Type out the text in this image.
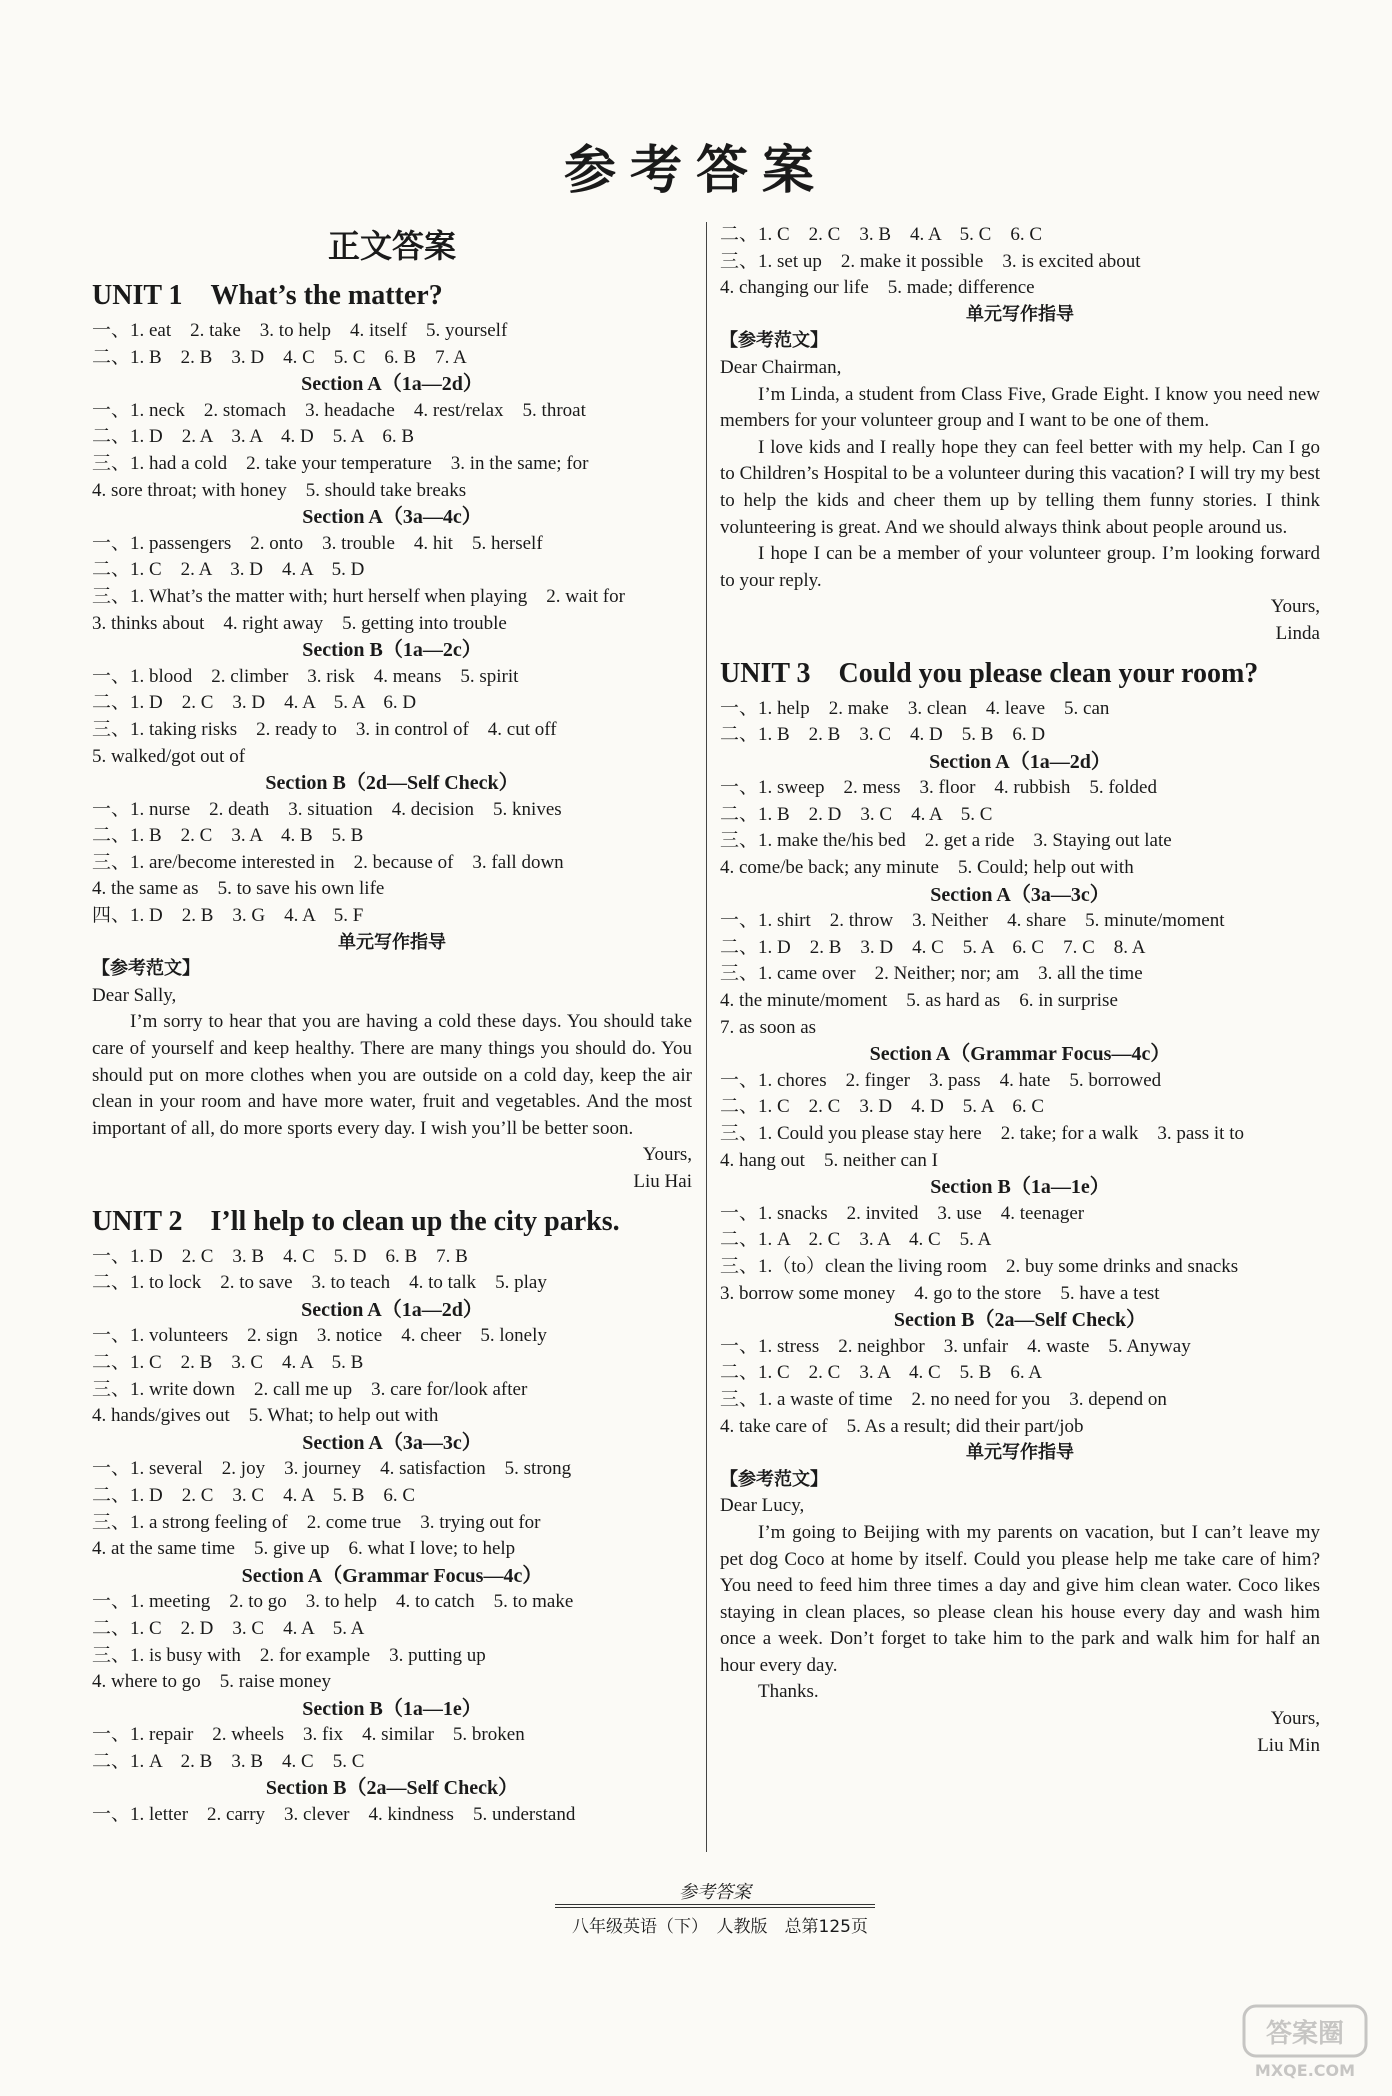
参考答案
正文答案
UNIT 1　What’s the matter?
一、1. eat　2. take　3. to help　4. itself　5. yourself
二、1. B　2. B　3. D　4. C　5. C　6. B　7. A
Section A（1a—2d）
一、1. neck　2. stomach　3. headache　4. rest/relax　5. throat
二、1. D　2. A　3. A　4. D　5. A　6. B
三、1. had a cold　2. take your temperature　3. in the same; for
4. sore throat; with honey　5. should take breaks
Section A（3a—4c）
一、1. passengers　2. onto　3. trouble　4. hit　5. herself
二、1. C　2. A　3. D　4. A　5. D
三、1. What’s the matter with; hurt herself when playing　2. wait for
3. thinks about　4. right away　5. getting into trouble
Section B（1a—2c）
一、1. blood　2. climber　3. risk　4. means　5. spirit
二、1. D　2. C　3. D　4. A　5. A　6. D
三、1. taking risks　2. ready to　3. in control of　4. cut off
5. walked/got out of
Section B（2d—Self Check）
一、1. nurse　2. death　3. situation　4. decision　5. knives
二、1. B　2. C　3. A　4. B　5. B
三、1. are/become interested in　2. because of　3. fall down
4. the same as　5. to save his own life
四、1. D　2. B　3. G　4. A　5. F
单元写作指导
【参考范文】
Dear Sally,
I’m sorry to hear that you are having a cold these days. You should take care of yourself and keep healthy. There are many things you should do. You should put on more clothes when you are outside on a cold day, keep the air clean in your room and have more water, fruit and vegetables. And the most important of all, do more sports every day. I wish you’ll be better soon.
Yours,
Liu Hai
UNIT 2　I’ll help to clean up the city parks.
一、1. D　2. C　3. B　4. C　5. D　6. B　7. B
二、1. to lock　2. to save　3. to teach　4. to talk　5. play
Section A（1a—2d）
一、1. volunteers　2. sign　3. notice　4. cheer　5. lonely
二、1. C　2. B　3. C　4. A　5. B
三、1. write down　2. call me up　3. care for/look after
4. hands/gives out　5. What; to help out with
Section A（3a—3c）
一、1. several　2. joy　3. journey　4. satisfaction　5. strong
二、1. D　2. C　3. C　4. A　5. B　6. C
三、1. a strong feeling of　2. come true　3. trying out for
4. at the same time　5. give up　6. what I love; to help
Section A（Grammar Focus—4c）
一、1. meeting　2. to go　3. to help　4. to catch　5. to make
二、1. C　2. D　3. C　4. A　5. A
三、1. is busy with　2. for example　3. putting up
4. where to go　5. raise money
Section B（1a—1e）
一、1. repair　2. wheels　3. fix　4. similar　5. broken
二、1. A　2. B　3. B　4. C　5. C
Section B（2a—Self Check）
一、1. letter　2. carry　3. clever　4. kindness　5. understand
二、1. C　2. C　3. B　4. A　5. C　6. C
三、1. set up　2. make it possible　3. is excited about
4. changing our life　5. made; difference
单元写作指导
【参考范文】
Dear Chairman,
I’m Linda, a student from Class Five, Grade Eight. I know you need new members for your volunteer group and I want to be one of them.
I love kids and I really hope they can feel better with my help. Can I go to Children’s Hospital to be a volunteer during this vacation? I will try my best to help the kids and cheer them up by telling them funny stories. I think volunteering is great. And we should always think about people around us.
I hope I can be a member of your volunteer group. I’m looking forward to your reply.
Yours,
Linda
UNIT 3　Could you please clean your room?
一、1. help　2. make　3. clean　4. leave　5. can
二、1. B　2. B　3. C　4. D　5. B　6. D
Section A（1a—2d）
一、1. sweep　2. mess　3. floor　4. rubbish　5. folded
二、1. B　2. D　3. C　4. A　5. C
三、1. make the/his bed　2. get a ride　3. Staying out late
4. come/be back; any minute　5. Could; help out with
Section A（3a—3c）
一、1. shirt　2. throw　3. Neither　4. share　5. minute/moment
二、1. D　2. B　3. D　4. C　5. A　6. C　7. C　8. A
三、1. came over　2. Neither; nor; am　3. all the time
4. the minute/moment　5. as hard as　6. in surprise
7. as soon as
Section A（Grammar Focus—4c）
一、1. chores　2. finger　3. pass　4. hate　5. borrowed
二、1. C　2. C　3. D　4. D　5. A　6. C
三、1. Could you please stay here　2. take; for a walk　3. pass it to
4. hang out　5. neither can I
Section B（1a—1e）
一、1. snacks　2. invited　3. use　4. teenager
二、1. A　2. C　3. A　4. C　5. A
三、1.（to）clean the living room　2. buy some drinks and snacks
3. borrow some money　4. go to the store　5. have a test
Section B（2a—Self Check）
一、1. stress　2. neighbor　3. unfair　4. waste　5. Anyway
二、1. C　2. C　3. A　4. C　5. B　6. A
三、1. a waste of time　2. no need for you　3. depend on
4. take care of　5. As a result; did their part/job
单元写作指导
【参考范文】
Dear Lucy,
I’m going to Beijing with my parents on vacation, but I can’t leave my pet dog Coco at home by itself. Could you please help me take care of him? You need to feed him three times a day and give him clean water. Coco likes staying in clean places, so please clean his house every day and wash him once a week. Don’t forget to take him to the park and walk him for half an hour every day.
Thanks.
Yours,
Liu Min
参考答案
八年级英语（下）　人教版　总第125页
答案圈
MXQE.COM
